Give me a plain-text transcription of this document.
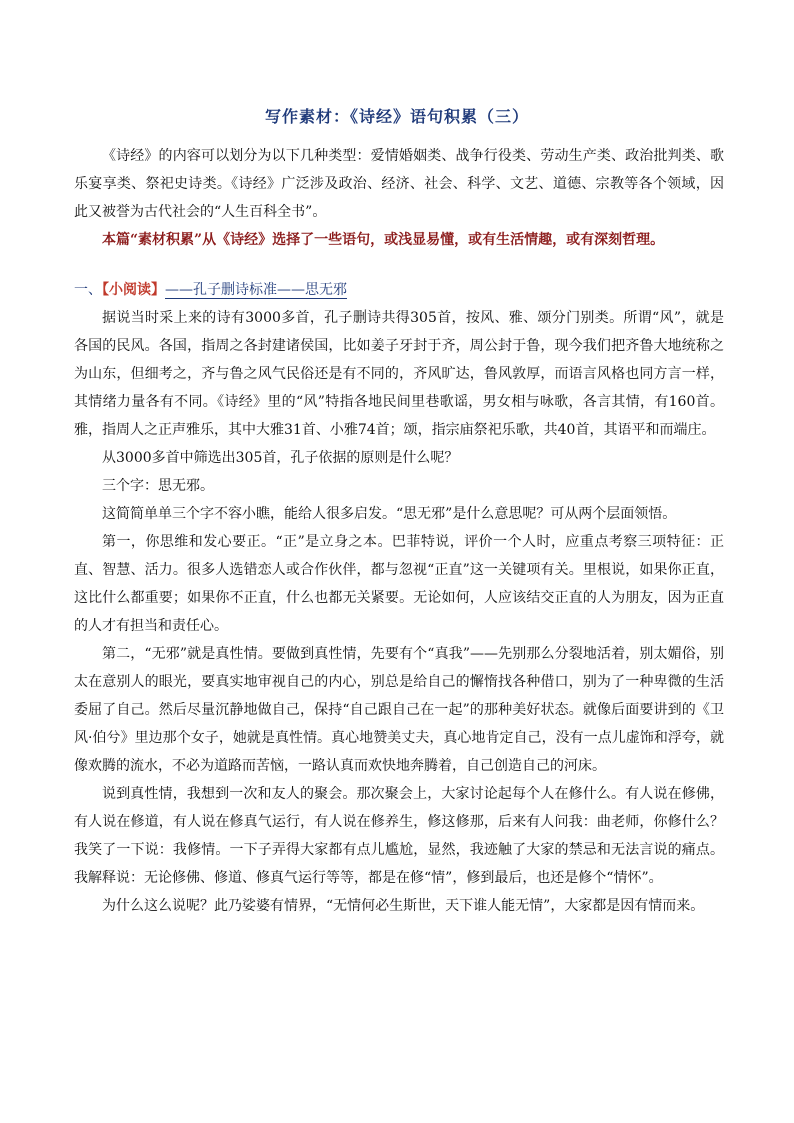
写作素材：《诗经》语句积累（三）

《诗经》的内容可以划分为以下几种类型：爱情婚姻类、战争行役类、劳动生产类、政治批判类、歌乐宴享类、祭祀史诗类。《诗经》广泛涉及政治、经济、社会、科学、文艺、道德、宗教等各个领域，因此又被誉为古代社会的“人生百科全书”。

本篇“素材积累”从《诗经》选择了一些语句，或浅显易懂，或有生活情趣，或有深刻哲理。

一、【小阅读】——孔子删诗标准——思无邪

据说当时采上来的诗有3000多首，孔子删诗共得305首，按风、雅、颂分门别类。所谓“风”，就是各国的民风。各国，指周之各封建诸侯国，比如姜子牙封于齐，周公封于鲁，现今我们把齐鲁大地统称之为山东，但细考之，齐与鲁之风气民俗还是有不同的，齐风旷达，鲁风敦厚，而语言风格也同方言一样，其情绪力量各有不同。《诗经》里的“风”特指各地民间里巷歌谣，男女相与咏歌，各言其情，有160首。雅，指周人之正声雅乐，其中大雅31首、小雅74首；颂，指宗庙祭祀乐歌，共40首，其语平和而端庄。

从3000多首中筛选出305首，孔子依据的原则是什么呢？

三个字：思无邪。

这简简单单三个字不容小瞧，能给人很多启发。“思无邪”是什么意思呢？可从两个层面领悟。

第一，你思维和发心要正。“正”是立身之本。巴菲特说，评价一个人时，应重点考察三项特征：正直、智慧、活力。很多人选错恋人或合作伙伴，都与忽视“正直”这一关键项有关。里根说，如果你正直，这比什么都重要；如果你不正直，什么也都无关紧要。无论如何，人应该结交正直的人为朋友，因为正直的人才有担当和责任心。

第二，“无邪”就是真性情。要做到真性情，先要有个“真我”——先别那么分裂地活着，别太媚俗，别太在意别人的眼光，要真实地审视自己的内心，别总是给自己的懈惰找各种借口，别为了一种卑微的生活委屈了自己。然后尽量沉静地做自己，保持“自己跟自己在一起”的那种美好状态。就像后面要讲到的《卫风·伯兮》里边那个女子，她就是真性情。真心地赞美丈夫，真心地肯定自己，没有一点儿虚饰和浮夸，就像欢腾的流水，不必为道路而苦恼，一路认真而欢快地奔腾着，自己创造自己的河床。

说到真性情，我想到一次和友人的聚会。那次聚会上，大家讨论起每个人在修什么。有人说在修佛，有人说在修道，有人说在修真气运行，有人说在修养生，修这修那，后来有人问我：曲老师，你修什么？我笑了一下说：我修情。一下子弄得大家都有点儿尴尬，显然，我迹触了大家的禁忌和无法言说的痛点。我解释说：无论修佛、修道、修真气运行等等，都是在修“情”，修到最后，也还是修个“情怀”。

为什么这么说呢？此乃娑婆有情界，“无情何必生斯世，天下谁人能无情”，大家都是因有情而来。
